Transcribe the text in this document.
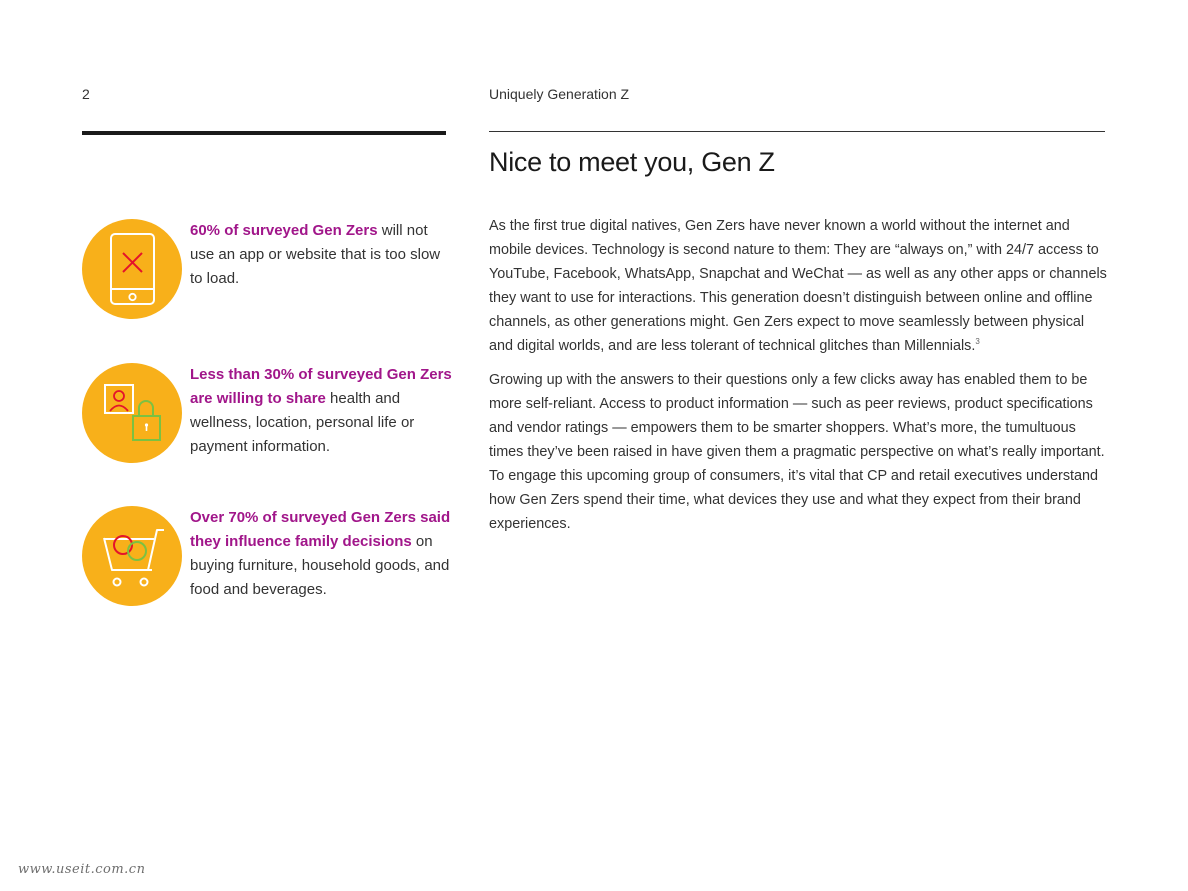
2	Uniquely Generation Z
Nice to meet you, Gen Z

As the first true digital natives, Gen Zers have never known a world without the internet and mobile devices. Technology is second nature to them: They are “always on,” with 24/7 access to YouTube, Facebook, WhatsApp, Snapchat and WeChat — as well as any other apps or channels they want to use for interactions. This generation doesn’t distinguish between online and offline channels, as other generations might. Gen Zers expect to move seamlessly between physical and digital worlds, and are less tolerant of technical glitches than Millennials.$^3$

Growing up with the answers to their questions only a few clicks away has enabled them to be more self-reliant. Access to product information — such as peer reviews, product specifications and vendor ratings — empowers them to be smarter shoppers. What’s more, the tumultuous times they’ve been raised in have given them a pragmatic perspective on what’s really important. To engage this upcoming group of consumers, it’s vital that CP and retail executives understand how Gen Zers spend their time, what devices they use and what they expect from their brand experiences.

60% of surveyed Gen Zers will not use an app or website that is too slow to load.
Less than 30% of surveyed Gen Zers are willing to share health and wellness, location, personal life or payment information.
Over 70% of surveyed Gen Zers said they influence family decisions on buying furniture, household goods, and food and beverages.
www.useit.com.cn
